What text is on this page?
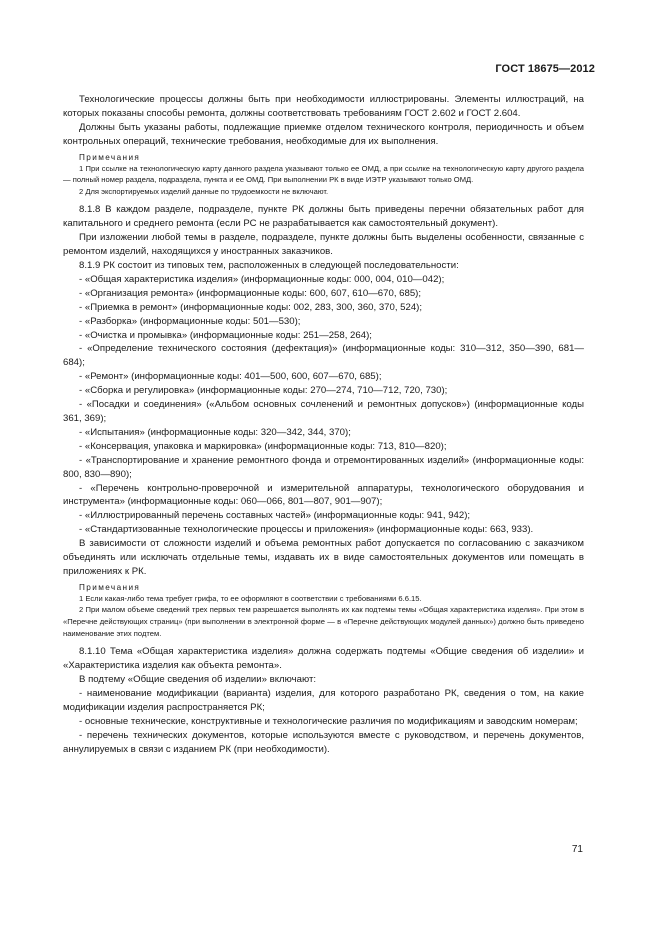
ГОСТ 18675—2012

Технологические процессы должны быть при необходимости иллюстрированы. Элементы иллюстраций, на которых показаны способы ремонта, должны соответствовать требованиям ГОСТ 2.602 и ГОСТ 2.604.

Должны быть указаны работы, подлежащие приемке отделом технического контроля, периодичность и объем контрольных операций, технические требования, необходимые для их выполнения.

Примечания

1 При ссылке на технологическую карту данного раздела указывают только ее ОМД, а при ссылке на технологическую карту другого раздела — полный номер раздела, подраздела, пункта и ее ОМД. При выполнении РК в виде ИЭТР указывают только ОМД.

2 Для экспортируемых изделий данные по трудоемкости не включают.

8.1.8 В каждом разделе, подразделе, пункте РК должны быть приведены перечни обязательных работ для капитального и среднего ремонта (если РС не разрабатывается как самостоятельный документ).

При изложении любой темы в разделе, подразделе, пункте должны быть выделены особенности, связанные с ремонтом изделий, находящихся у иностранных заказчиков.

8.1.9 РК состоит из типовых тем, расположенных в следующей последовательности:

- «Общая характеристика изделия» (информационные коды: 000, 004, 010—042);

- «Организация ремонта» (информационные коды: 600, 607, 610—670, 685);

- «Приемка в ремонт» (информационные коды: 002, 283, 300, 360, 370, 524);

- «Разборка» (информационные коды: 501—530);

- «Очистка и промывка» (информационные коды: 251—258, 264);

- «Определение технического состояния (дефектация)» (информационные коды: 310—312, 350—390, 681—684);

- «Ремонт» (информационные коды: 401—500, 600, 607—670, 685);

- «Сборка и регулировка» (информационные коды: 270—274, 710—712, 720, 730);

- «Посадки и соединения» («Альбом основных сочленений и ремонтных допусков») (информационные коды 361, 369);

- «Испытания» (информационные коды: 320—342, 344, 370);

- «Консервация, упаковка и маркировка» (информационные коды: 713, 810—820);

- «Транспортирование и хранение ремонтного фонда и отремонтированных изделий» (информационные коды: 800, 830—890);

- «Перечень контрольно-проверочной и измерительной аппаратуры, технологического оборудования и инструмента» (информационные коды: 060—066, 801—807, 901—907);

- «Иллюстрированный перечень составных частей» (информационные коды: 941, 942);

- «Стандартизованные технологические процессы и приложения» (информационные коды: 663, 933).

В зависимости от сложности изделий и объема ремонтных работ допускается по согласованию с заказчиком объединять или исключать отдельные темы, издавать их в виде самостоятельных документов или помещать в приложениях к РК.

Примечания

1 Если какая-либо тема требует грифа, то ее оформляют в соответствии с требованиями 6.6.15.

2 При малом объеме сведений трех первых тем разрешается выполнять их как подтемы темы «Общая характеристика изделия». При этом в «Перечне действующих страниц» (при выполнении в электронной форме — в «Перечне действующих модулей данных») должно быть приведено наименование этих подтем.

8.1.10 Тема «Общая характеристика изделия» должна содержать подтемы «Общие сведения об изделии» и «Характеристика изделия как объекта ремонта».

В подтему «Общие сведения об изделии» включают:

- наименование модификации (варианта) изделия, для которого разработано РК, сведения о том, на какие модификации изделия распространяется РК;

- основные технические, конструктивные и технологические различия по модификациям и заводским номерам;

- перечень технических документов, которые используются вместе с руководством, и перечень документов, аннулируемых в связи с изданием РК (при необходимости).

71
